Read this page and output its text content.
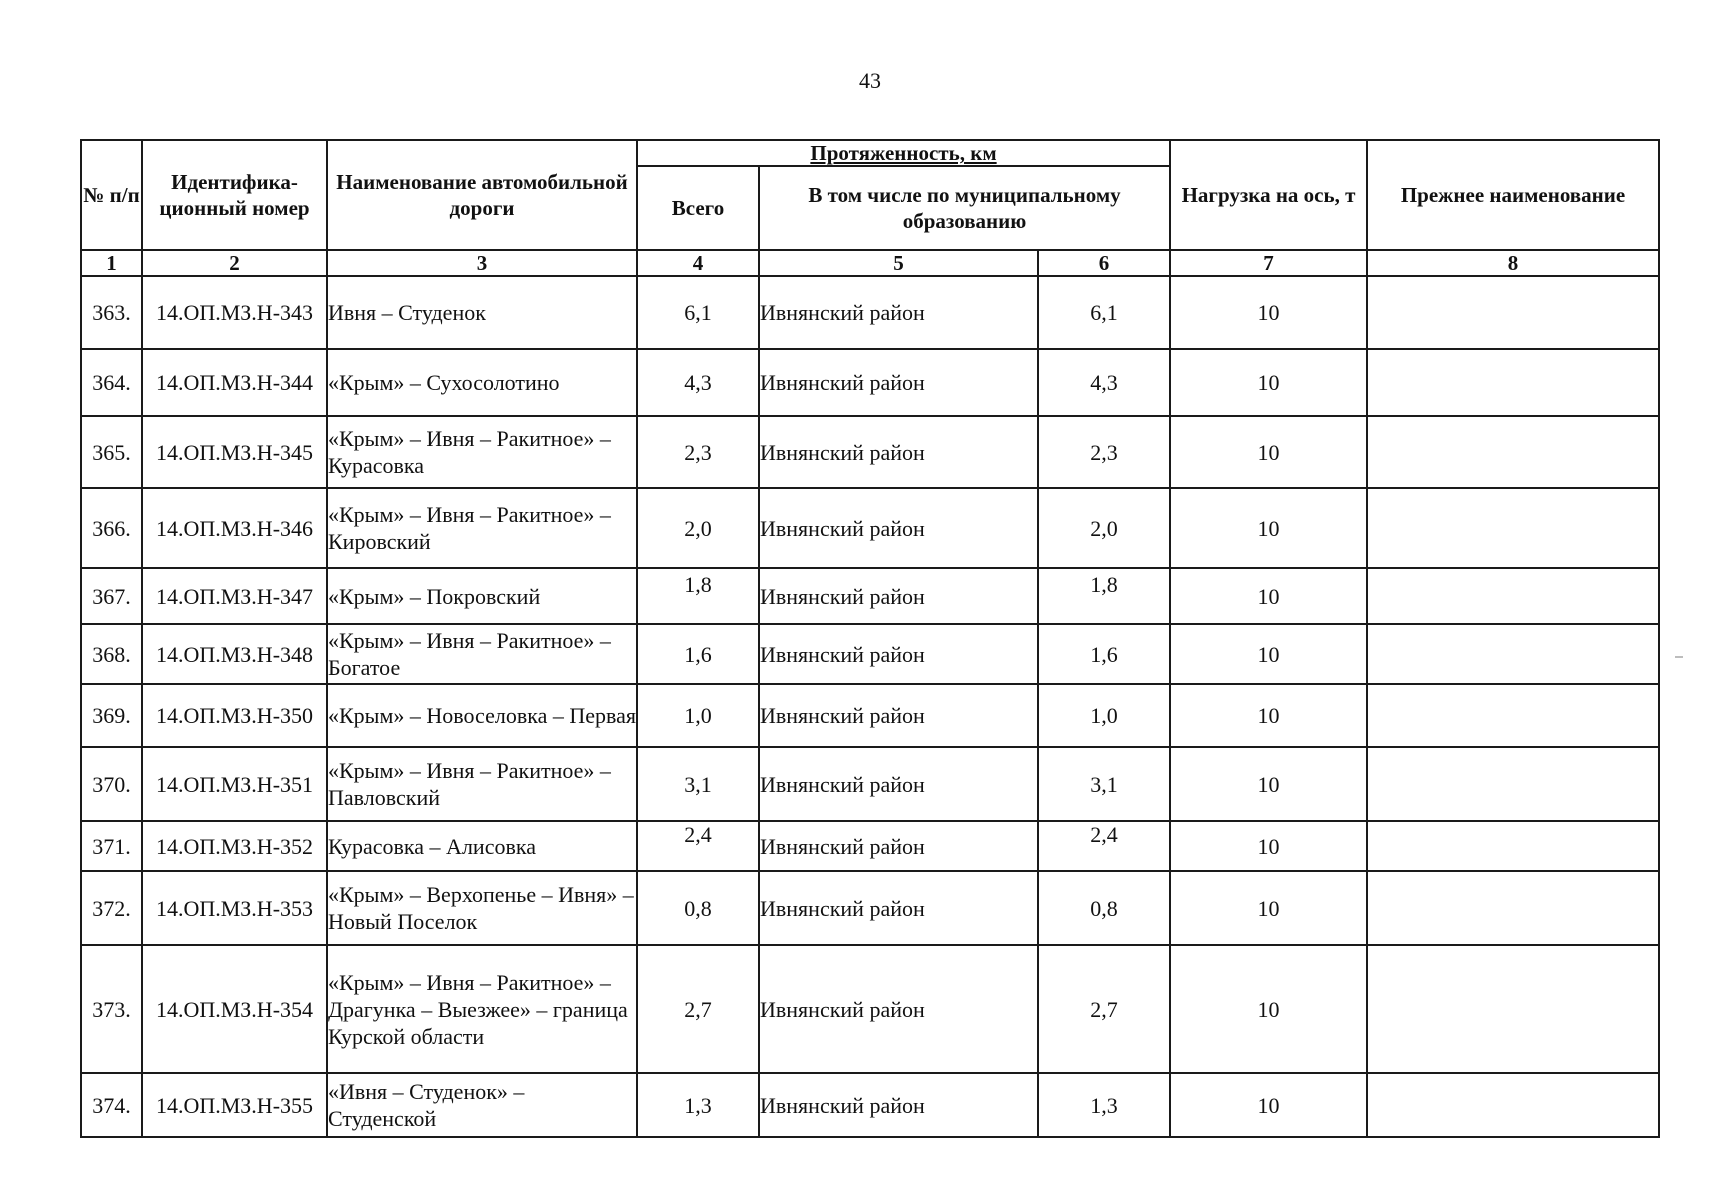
43
№ п/п	Идентифика-ционный номер	Наименование автомобильной дороги	Протяженность, км			Нагрузка на ось, т	Прежнее наименование
			Всего	В том числе по муниципальному образованию			
1	2	3	4	5	6	7	8
363.	14.ОП.МЗ.Н-343	Ивня – Студенок	6,1	Ивнянский район	6,1	10	
364.	14.ОП.МЗ.Н-344	«Крым» – Сухосолотино	4,3	Ивнянский район	4,3	10	
365.	14.ОП.МЗ.Н-345	«Крым» – Ивня – Ракитное» – Курасовка	2,3	Ивнянский район	2,3	10	
366.	14.ОП.МЗ.Н-346	«Крым» – Ивня – Ракитное» – Кировский	2,0	Ивнянский район	2,0	10	
367.	14.ОП.МЗ.Н-347	«Крым» – Покровский	1,8	Ивнянский район	1,8	10	
368.	14.ОП.МЗ.Н-348	«Крым» – Ивня – Ракитное» – Богатое	1,6	Ивнянский район	1,6	10	
369.	14.ОП.МЗ.Н-350	«Крым» – Новоселовка – Первая	1,0	Ивнянский район	1,0	10	
370.	14.ОП.МЗ.Н-351	«Крым» – Ивня – Ракитное» – Павловский	3,1	Ивнянский район	3,1	10	
371.	14.ОП.МЗ.Н-352	Курасовка – Алисовка	2,4	Ивнянский район	2,4	10	
372.	14.ОП.МЗ.Н-353	«Крым» – Верхопенье – Ивня» – Новый Поселок	0,8	Ивнянский район	0,8	10	
373.	14.ОП.МЗ.Н-354	«Крым» – Ивня – Ракитное» – Драгунка – Выезжее» – граница Курской области	2,7	Ивнянский район	2,7	10	
374.	14.ОП.МЗ.Н-355	«Ивня – Студенок» – Студенской	1,3	Ивнянский район	1,3	10	
